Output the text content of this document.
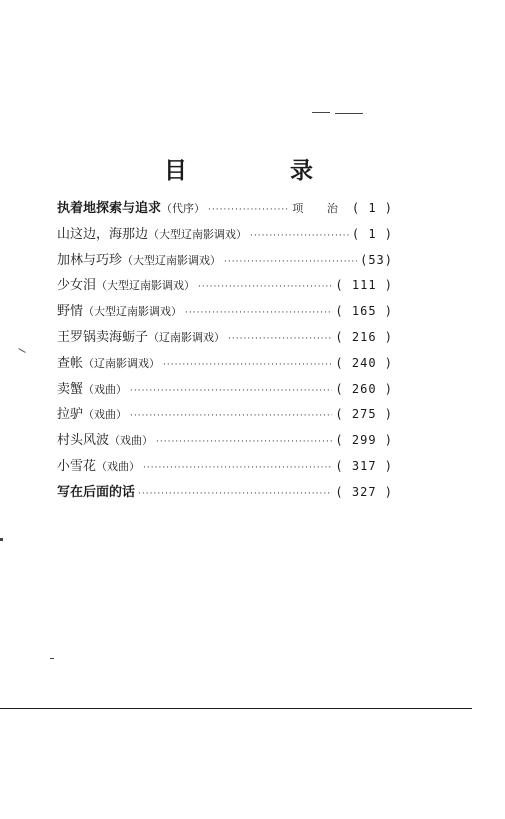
目　录
执着地探索与追求 （代序） ·····	项 治 ( 1 )
山这边，海那边 （大型辽南影调戏） ·····	( 1 )
加林与巧珍 （大型辽南影调戏） ·····	(53)
少女泪 （大型辽南影调戏） ·····	( 111 )
野情 （大型辽南影调戏） ·····	( 165 )
王罗锅卖海蛎子 （辽南影调戏） ·····	( 216 )
查帐 （辽南影调戏） ·····	( 240 )
卖蟹 （戏曲） ·····	( 260 )
拉驴 （戏曲） ·····	( 275 )
村头风波 （戏曲） ·····	( 299 )
小雪花 （戏曲） ·····	( 317 )
写在后面的话 ·····	( 327 )
